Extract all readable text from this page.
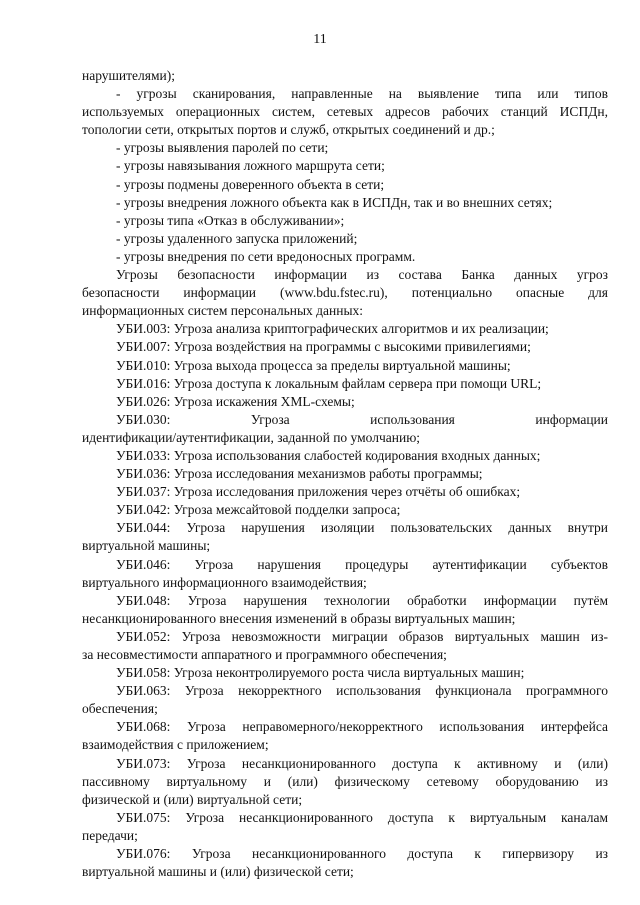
11
нарушителями);
- угрозы сканирования, направленные на выявление типа или типов
используемых операционных систем, сетевых адресов рабочих станций ИСПДн,
топологии сети, открытых портов и служб, открытых соединений и др.;
- угрозы выявления паролей по сети;
- угрозы навязывания ложного маршрута сети;
- угрозы подмены доверенного объекта в сети;
- угрозы внедрения ложного объекта как в ИСПДн, так и во внешних сетях;
- угрозы типа «Отказ в обслуживании»;
- угрозы удаленного запуска приложений;
- угрозы внедрения по сети вредоносных программ.
Угрозы безопасности информации из состава Банка данных угроз
безопасности информации (www.bdu.fstec.ru), потенциально опасные для
информационных систем персональных данных:
УБИ.003: Угроза анализа криптографических алгоритмов и их реализации;
УБИ.007: Угроза воздействия на программы с высокими привилегиями;
УБИ.010: Угроза выхода процесса за пределы виртуальной машины;
УБИ.016: Угроза доступа к локальным файлам сервера при помощи URL;
УБИ.026: Угроза искажения XML-схемы;
УБИ.030: Угроза использования информации
идентификации/аутентификации, заданной по умолчанию;
УБИ.033: Угроза использования слабостей кодирования входных данных;
УБИ.036: Угроза исследования механизмов работы программы;
УБИ.037: Угроза исследования приложения через отчёты об ошибках;
УБИ.042: Угроза межсайтовой подделки запроса;
УБИ.044: Угроза нарушения изоляции пользовательских данных внутри
виртуальной машины;
УБИ.046: Угроза нарушения процедуры аутентификации субъектов
виртуального информационного взаимодействия;
УБИ.048: Угроза нарушения технологии обработки информации путём
несанкционированного внесения изменений в образы виртуальных машин;
УБИ.052: Угроза невозможности миграции образов виртуальных машин из-
за несовместимости аппаратного и программного обеспечения;
УБИ.058: Угроза неконтролируемого роста числа виртуальных машин;
УБИ.063: Угроза некорректного использования функционала программного
обеспечения;
УБИ.068: Угроза неправомерного/некорректного использования интерфейса
взаимодействия с приложением;
УБИ.073: Угроза несанкционированного доступа к активному и (или)
пассивному виртуальному и (или) физическому сетевому оборудованию из
физической и (или) виртуальной сети;
УБИ.075: Угроза несанкционированного доступа к виртуальным каналам
передачи;
УБИ.076: Угроза несанкционированного доступа к гипервизору из
виртуальной машины и (или) физической сети;
